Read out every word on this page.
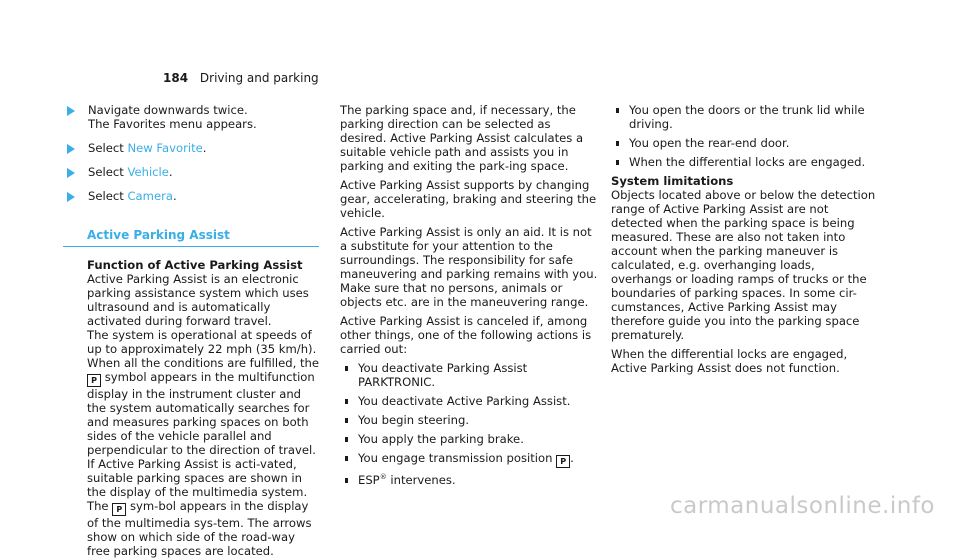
184 Driving and parking

Navigate downwards twice.

The Favorites menu appears.

Select New Favorite.
Select Vehicle.
Select Camera.
Active Parking Assist

Function of Active Parking Assist

Active Parking Assist is an electronic parking assistance system which uses ultrasound and is automatically activated during forward travel.

The system is operational at speeds of up to approximately 22 mph (35 km/h). When all the conditions are fulfilled, the P symbol appears in the multifunction display in the instrument cluster and the system automatically searches for and measures parking spaces on both sides of the vehicle parallel and perpendicular to the direction of travel. If Active Parking Assist is acti-vated, suitable parking spaces are shown in the display of the multimedia system. The P sym-bol appears in the display of the multimedia sys-tem. The arrows show on which side of the road-way free parking spaces are located.

The parking space and, if necessary, the parking direction can be selected as desired. Active Parking Assist calculates a suitable vehicle path and assists you in parking and exiting the park-ing space.

Active Parking Assist supports by changing gear, accelerating, braking and steering the vehicle.

Active Parking Assist is only an aid. It is not a substitute for your attention to the surroundings. The responsibility for safe maneuvering and parking remains with you. Make sure that no persons, animals or objects etc. are in the maneuvering range.

Active Parking Assist is canceled if, among other things, one of the following actions is carried out:

You deactivate Parking Assist PARKTRONIC.
You deactivate Active Parking Assist.
You begin steering.
You apply the parking brake.
You engage transmission position P .
ESP® intervenes.
You open the doors or the trunk lid while driving.
You open the rear-end door.
When the differential locks are engaged.

System limitations

Objects located above or below the detection range of Active Parking Assist are not detected when the parking space is being measured. These are also not taken into account when the parking maneuver is calculated, e.g. overhanging loads, overhangs or loading ramps of trucks or the boundaries of parking spaces. In some cir-cumstances, Active Parking Assist may therefore guide you into the parking space prematurely.

When the differential locks are engaged, Active Parking Assist does not function.

carmanualsonline.info
